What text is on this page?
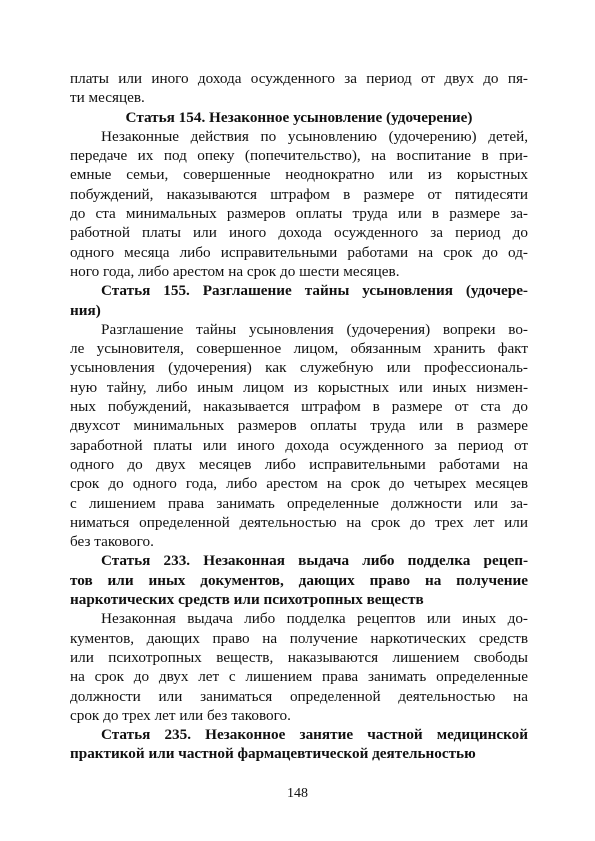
платы или иного дохода осужденного за период от двух до пя-
ти месяцев.
Статья 154. Незаконное усыновление (удочерение)
Незаконные действия по усыновлению (удочерению) детей,
передаче их под опеку (попечительство), на воспитание в при-
емные семьи, совершенные неоднократно или из корыстных
побуждений, наказываются штрафом в размере от пятидесяти
до ста минимальных размеров оплаты труда или в размере за-
работной платы или иного дохода осужденного за период до
одного месяца либо исправительными работами на срок до од-
ного года, либо арестом на срок до шести месяцев.
Статья 155. Разглашение тайны усыновления (удочере-
ния)
Разглашение тайны усыновления (удочерения) вопреки во-
ле усыновителя, совершенное лицом, обязанным хранить факт
усыновления (удочерения) как служебную или профессиональ-
ную тайну, либо иным лицом из корыстных или иных низмен-
ных побуждений, наказывается штрафом в размере от ста до
двухсот минимальных размеров оплаты труда или в размере
заработной платы или иного дохода осужденного за период от
одного до двух месяцев либо исправительными работами на
срок до одного года, либо арестом на срок до четырех месяцев
с лишением права занимать определенные должности или за-
ниматься определенной деятельностью на срок до трех лет или
без такового.
Статья 233. Незаконная выдача либо подделка рецеп-
тов или иных документов, дающих право на получение
наркотических средств или психотропных веществ
Незаконная выдача либо подделка рецептов или иных до-
кументов, дающих право на получение наркотических средств
или психотропных веществ, наказываются лишением свободы
на срок до двух лет с лишением права занимать определенные
должности или заниматься определенной деятельностью на
срок до трех лет или без такового.
Статья 235. Незаконное занятие частной медицинской
практикой или частной фармацевтической деятельностью
148
